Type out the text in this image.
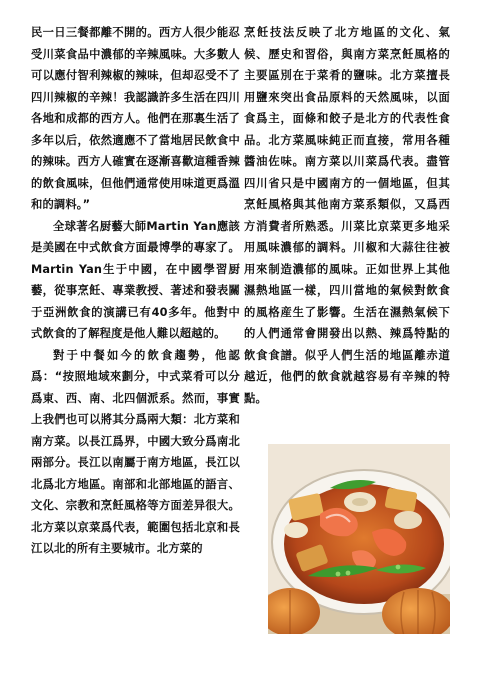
民一日三餐都離不開的。西方人很少能忍受川菜食品中濃郁的辛辣風味。大多數人可以應付智利辣椒的辣味，但却忍受不了四川辣椒的辛辣！我認識許多生活在四川各地和成都的西方人。他們在那裏生活了多年以后，依然適應不了當地居民飲食中的辣味。西方人確實在逐漸喜歡這種香辣的飲食風味，但他們通常使用味道更爲溫和的調料。”

全球著名厨藝大師Martin Yan應該是美國在中式飲食方面最博學的專家了。Martin Yan生于中國，在中國學習厨藝，從事烹飪、專業教授、著述和發表關于亞洲飲食的演講已有40多年。他對中式飲食的了解程度是他人難以超越的。

對于中餐如今的飲食趨勢，他認爲：“按照地域來劃分，中式菜肴可以分爲東、西、南、北四個派系。然而，事實上我們也可以將其分爲兩大類：北方菜和南方菜。以長江爲界，中國大致分爲南北兩部分。長江以南屬于南方地區，長江以北爲北方地區。南部和北部地區的語言、文化、宗教和烹飪風格等方面差异很大。北方菜以京菜爲代表，範圍包括北京和長江以北的所有主要城市。北方菜的

烹飪技法反映了北方地區的文化、氣候、歷史和習俗，與南方菜烹飪風格的主要區別在于菜肴的鹽味。北方菜擅長用鹽來突出食品原料的天然風味，以面食爲主，面條和餃子是北方的代表性食品。北方菜風味純正而直接，常用各種醬油佐味。南方菜以川菜爲代表。盡管四川省只是中國南方的一個地區，但其烹飪風格與其他南方菜系類似，又爲西方消費者所熟悉。川菜比京菜更多地采用風味濃郁的調料。川椒和大蒜往往被用來制造濃郁的風味。正如世界上其他濕熱地區一樣，四川當地的氣候對飲食的風格産生了影響。生活在濕熱氣候下的人們通常會開發出以熱、辣爲特點的飲食食譜。似乎人們生活的地區離赤道越近，他們的飲食就越容易有辛辣的特點。
